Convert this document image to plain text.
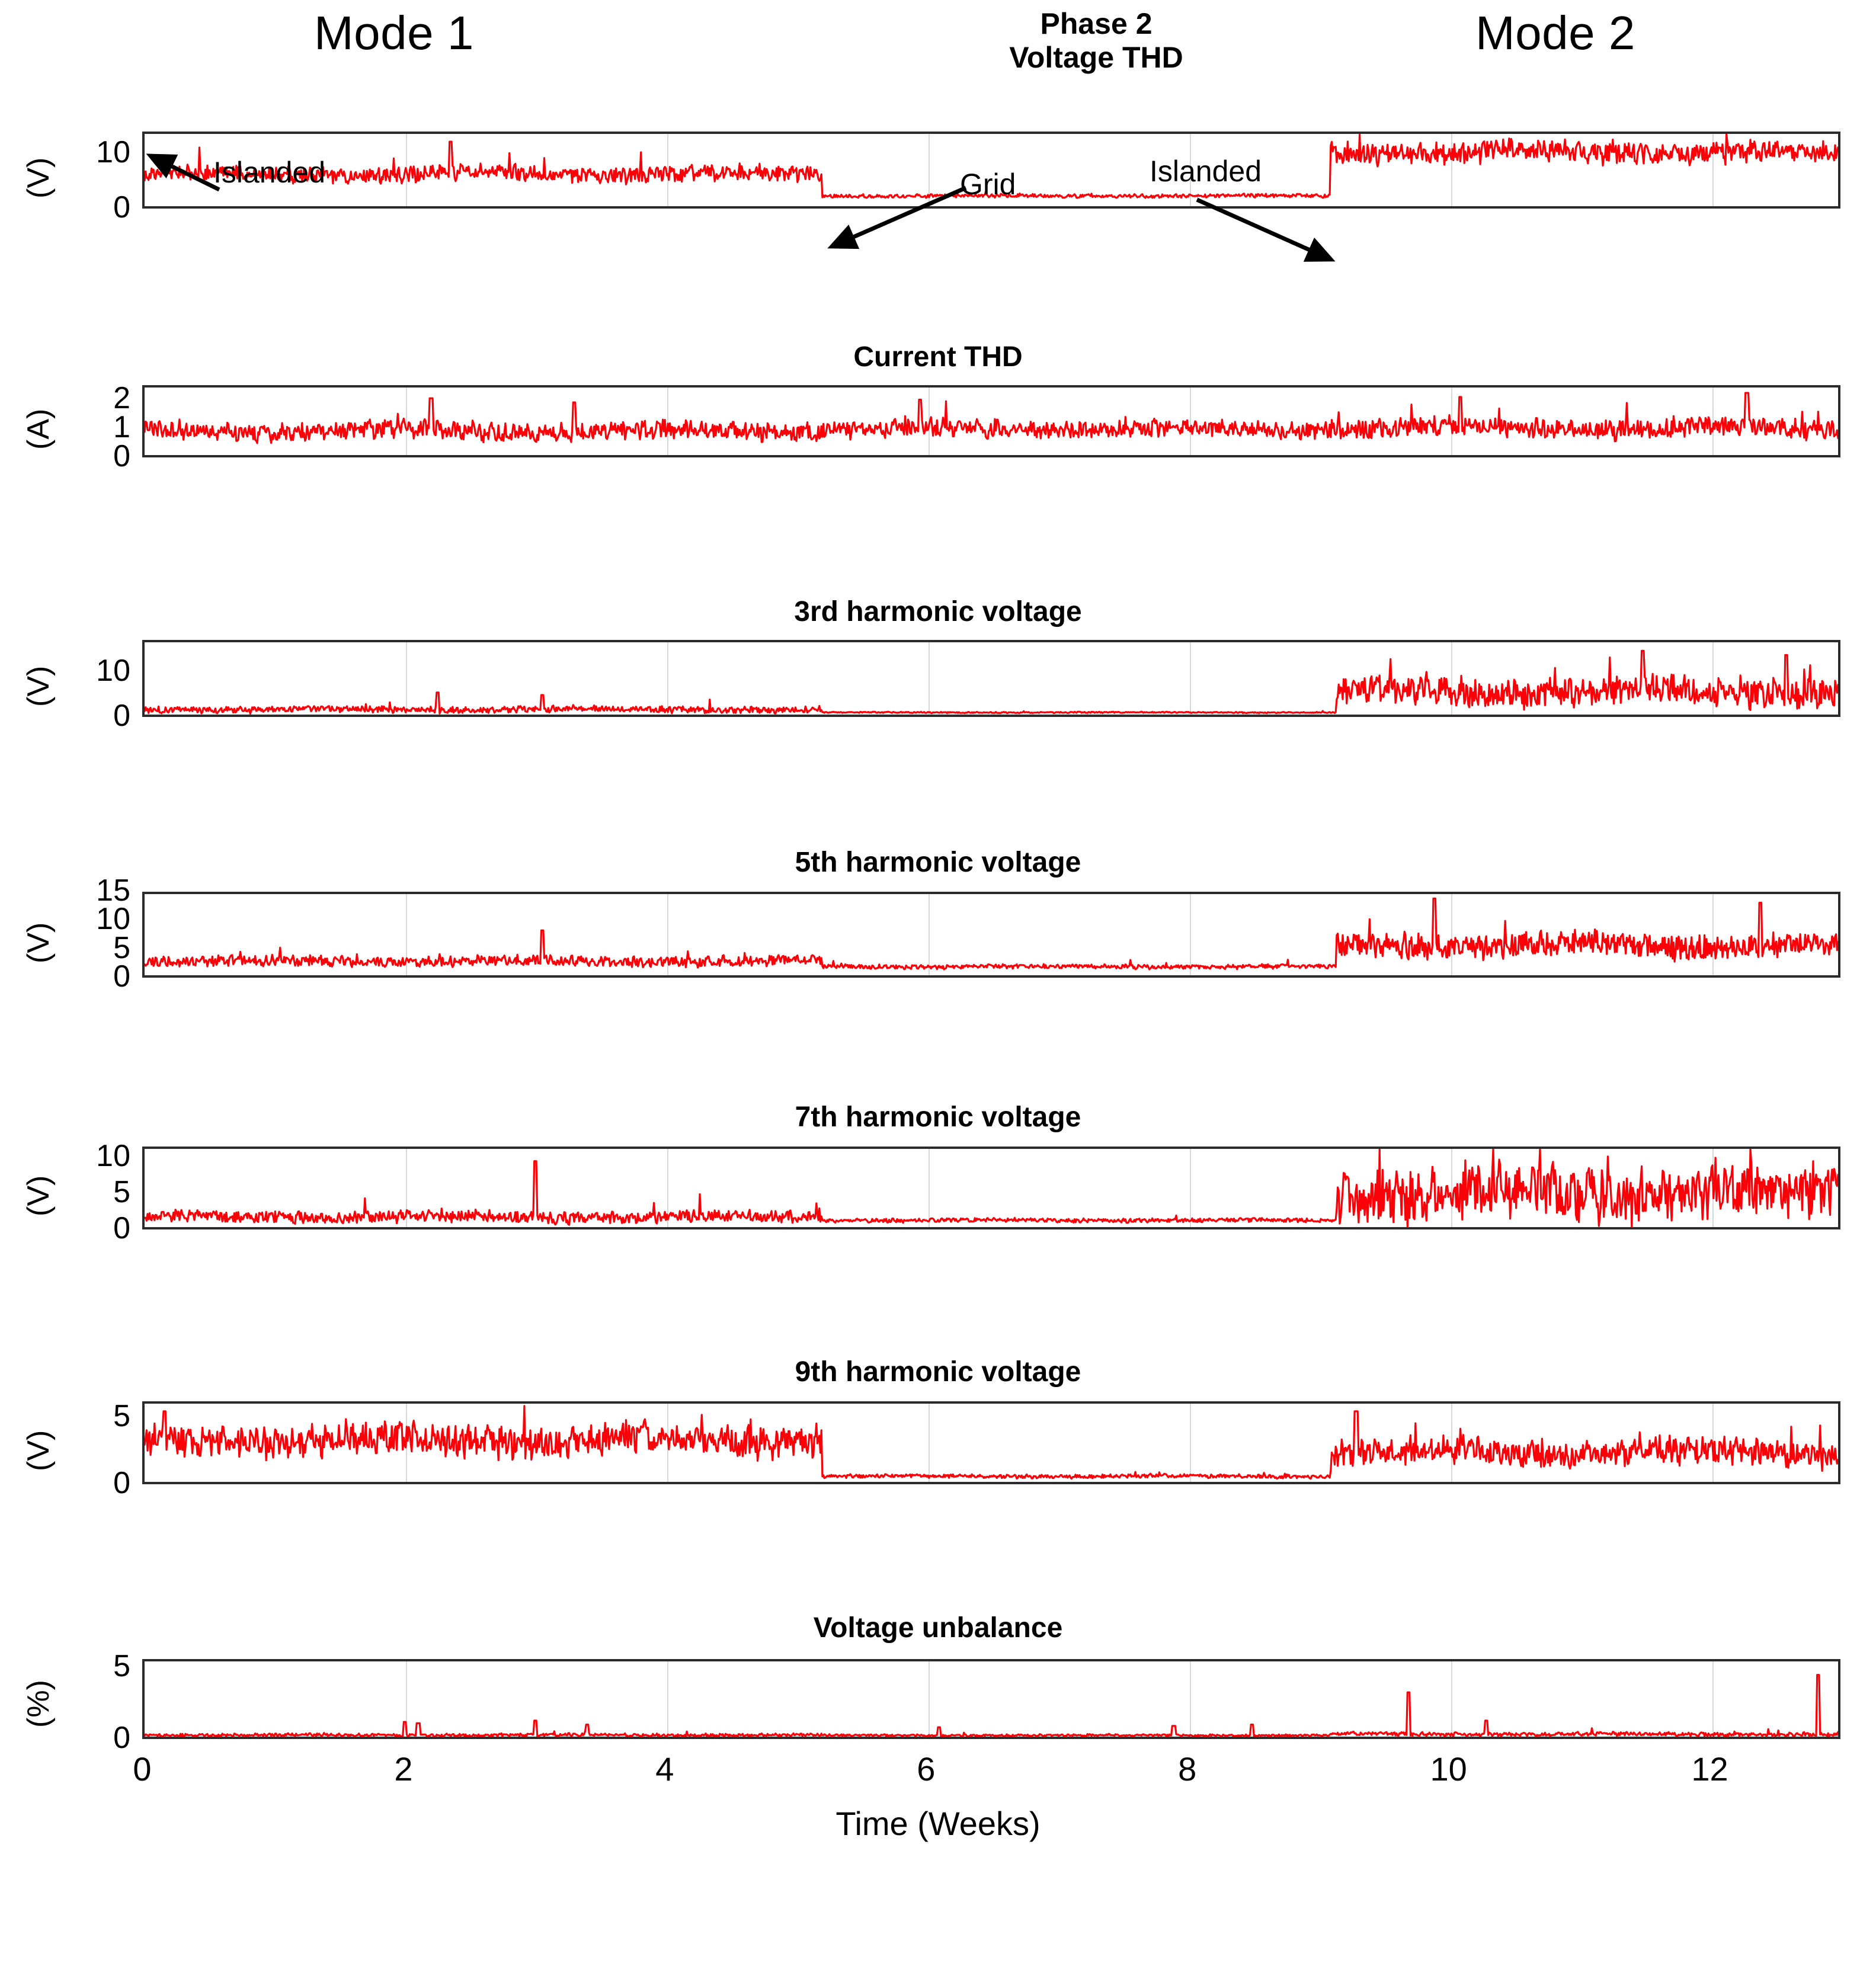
Mode 1	Mode 2
Phase 2
Voltage THD
0
10
(V)
Current THD
0
1
2
(A)
3rd harmonic voltage
0
10
(V)
5th harmonic voltage
0
5
10
15
(V)
7th harmonic voltage
0
5
10
(V)
9th harmonic voltage
0
5
(V)
Voltage unbalance
0
5
(%)
Islanded	Grid	Islanded
0	2	4	6	8	10	12
Time (Weeks)
